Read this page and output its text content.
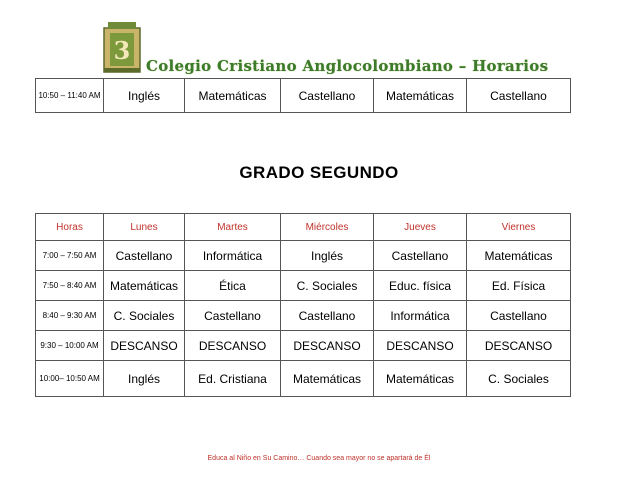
3
Colegio Cristiano Anglocolombiano – Horarios
10:50 – 11:40 AM	Inglés	Matemáticas	Castellano	Matemáticas	Castellano
GRADO SEGUNDO
Horas	Lunes	Martes	Miércoles	Jueves	Viernes
7:00 – 7:50 AM	Castellano	Informática	Inglés	Castellano	Matemáticas
7:50 – 8:40 AM	Matemáticas	Ética	C. Sociales	Educ. física	Ed. Física
8:40 – 9:30 AM	C. Sociales	Castellano	Castellano	Informática	Castellano
9:30 – 10:00 AM	DESCANSO	DESCANSO	DESCANSO	DESCANSO	DESCANSO
10:00– 10:50 AM	Inglés	Ed. Cristiana	Matemáticas	Matemáticas	C. Sociales
Educa al Niño en Su Camino… Cuando sea mayor no se apartará de Él
